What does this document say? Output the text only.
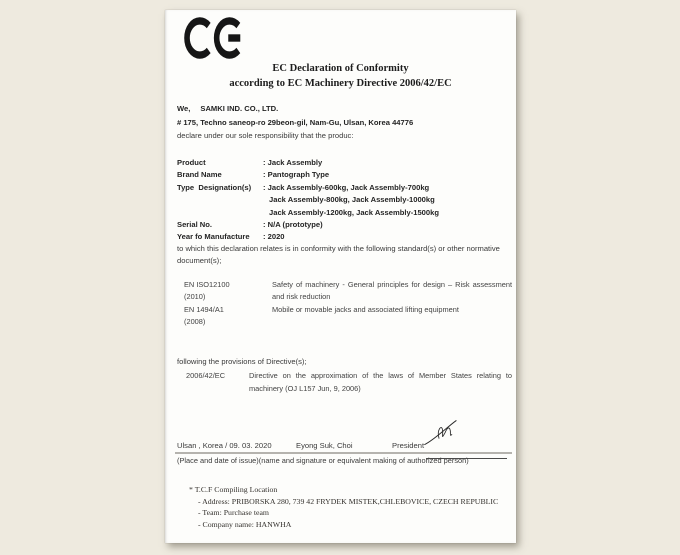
EC Declaration of Conformity
according to EC Machinery Directive 2006/42/EC
We, SAMKI IND. CO., LTD.
# 175, Techno saneop-ro 29beon-gil, Nam-Gu, Ulsan, Korea 44776
declare under our sole responsibility that the produc:
Product	: Jack Assembly
Brand Name	: Pantograph Type
Type  Designation(s)	: Jack Assembly-600kg, Jack Assembly-700kg
Jack Assembly-800kg, Jack Assembly-1000kg
Jack Assembly-1200kg, Jack Assembly-1500kg
Serial No.	: N/A (prototype)
Year fo Manufacture	: 2020
to which this declaration relates is in conformity with the following standard(s) or other normative
document(s);
EN ISO12100	Safety of machinery - General principles for design – Risk assessment
(2010)	and risk reduction
EN 1494/A1	Mobile or movable jacks and associated lifting equipment
(2008)
following the provisions of Directive(s);
2006/42/EC	Directive on the approximation of the laws of Member States relating to
machinery (OJ L157 Jun, 9, 2006)
Ulsan , Korea / 09. 03. 2020	Eyong Suk, Choi	President
(Place and date of issue)(name and signature or equivalent making of authorized person)
* T.C.F Compiling Location
- Address: PRIBORSKA 280, 739 42 FRYDEK MISTEK,CHLEBOVICE, CZECH REPUBLIC
- Team: Purchase team
- Company name: HANWHA
